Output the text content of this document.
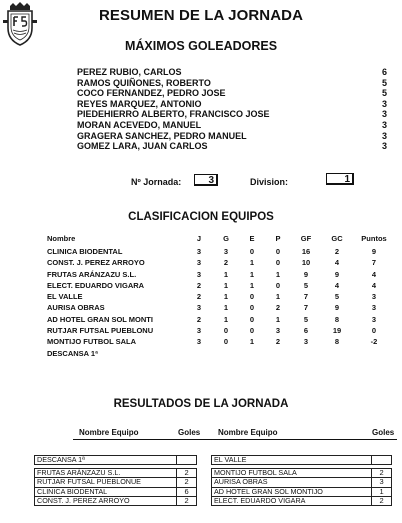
RESUMEN DE LA JORNADA
MÁXIMOS GOLEADORES
PEREZ RUBIO, CARLOS	6
RAMOS QUIÑONES, ROBERTO	5
COCO FERNANDEZ, PEDRO JOSE	5
REYES MARQUEZ, ANTONIO	3
PIEDEHIERRO ALBERTO, FRANCISCO JOSE	3
MORAN ACEVEDO, MANUEL	3
GRAGERA SANCHEZ, PEDRO MANUEL	3
GOMEZ LARA, JUAN CARLOS	3
Nº Jornada:	3	Division:	1
CLASIFICACION EQUIPOS
Nombre	J	G	E	P	GF	GC	Puntos
CLINICA BIODENTAL	3	3	0	0	16	2	9
CONST. J. PEREZ ARROYO	3	2	1	0	10	4	7
FRUTAS ARÁNZAZU S.L.	3	1	1	1	9	9	4
ELECT. EDUARDO VIGARA	2	1	1	0	5	4	4
EL VALLE	2	1	0	1	7	5	3
AURISA OBRAS	3	1	0	2	7	9	3
AD HOTEL GRAN SOL MONTI	2	1	0	1	5	8	3
RUTJAR FUTSAL PUEBLONU	3	0	0	3	6	19	0
MONTIJO FUTBOL SALA	3	0	1	2	3	8	-2
DESCANSA 1ª							
RESULTADOS DE LA JORNADA
Nombre Equipo	Goles Nombre Equipo	Goles
DESCANSA 1ª	

FRUTAS ARÁNZAZU S.L.	2
RUTJAR FUTSAL PUEBLONUE	2
CLINICA BIODENTAL	6
CONST. J. PEREZ ARROYO	2
EL VALLE	

MONTIJO FUTBOL SALA	2
AURISA OBRAS	3
AD HOTEL GRAN SOL MONTIJO	1
ELECT. EDUARDO VIGARA	2
